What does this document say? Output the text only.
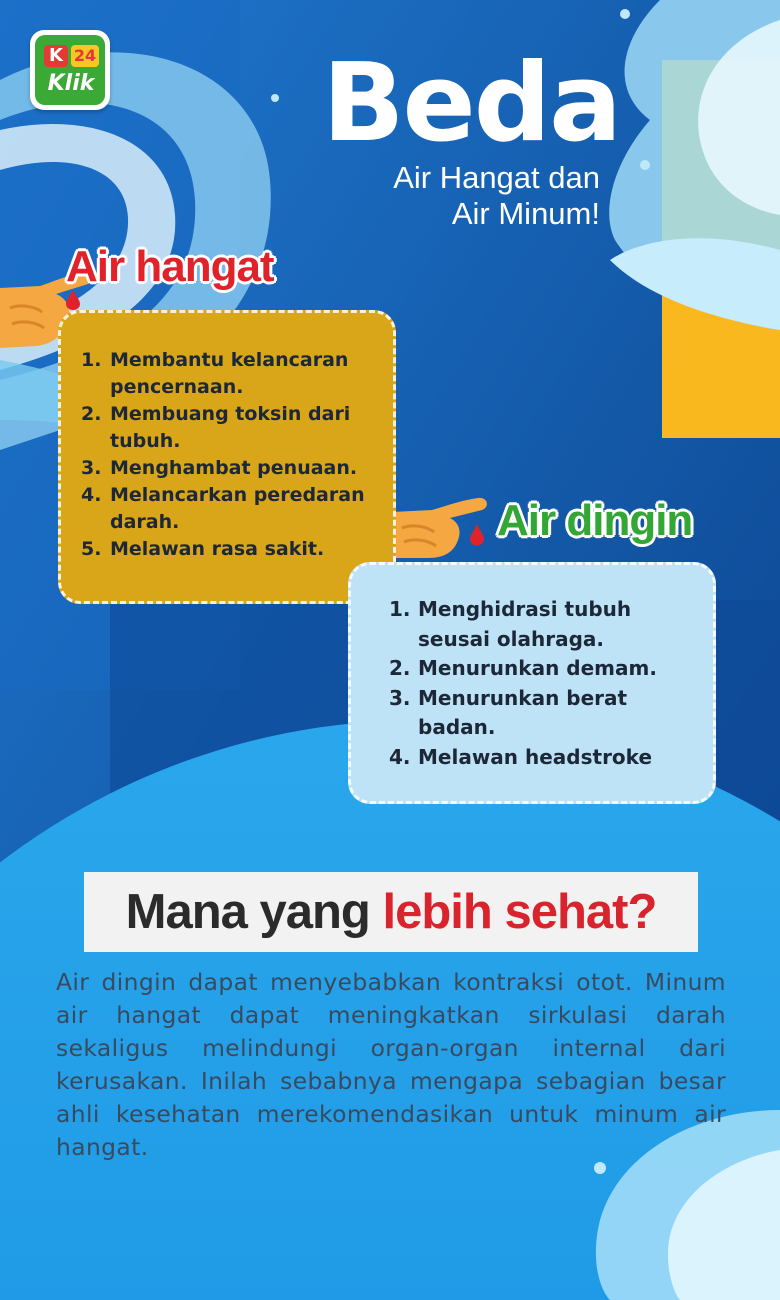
K 24
Klik	Beda
Air Hangat dan
Air Minum!
Air hangat
1. Membantu kelancaran pencernaan.
2. Membuang toksin dari tubuh.
3. Menghambat penuaan.
4. Melancarkan peredaran darah.
5. Melawan rasa sakit.
Air dingin
1. Menghidrasi tubuh seusai olahraga.
2. Menurunkan demam.
3. Menurunkan berat badan.
4. Melawan headstroke
Mana yang lebih sehat?
Air dingin dapat menyebabkan kontraksi otot. Minum air hangat dapat meningkatkan sirkulasi darah sekaligus melindungi organ-organ internal dari kerusakan. Inilah sebabnya mengapa sebagian besar ahli kesehatan merekomendasikan untuk minum air hangat.
